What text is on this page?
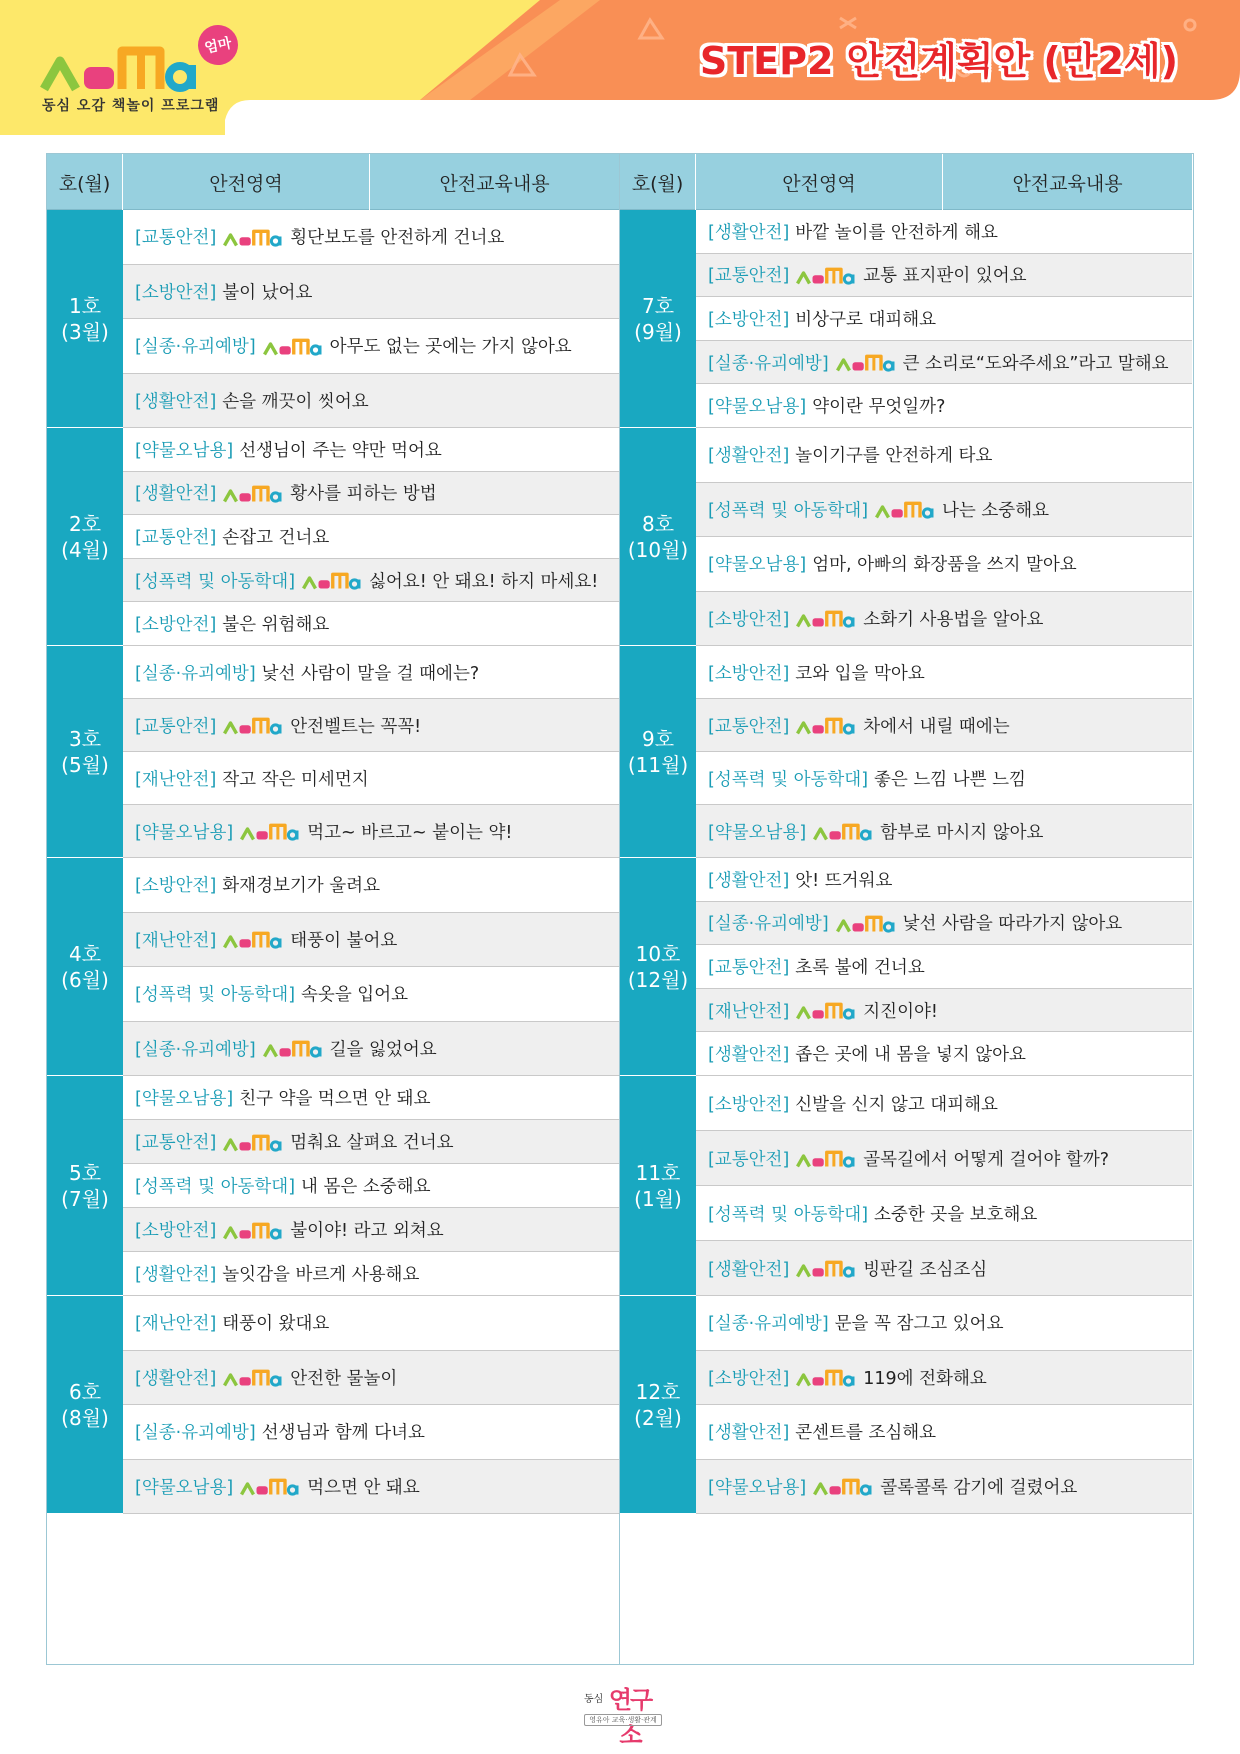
엄마
동심 오감 책놀이 프로그램
STEP2 안전계획안 (만2세)
호(월)	안전영역	안전교육내용
1호
(3월)
[교통안전]	횡단보도를 안전하게 건너요
[소방안전] 불이 났어요
[실종·유괴예방]	아무도 없는 곳에는 가지 않아요
[생활안전] 손을 깨끗이 씻어요
2호
(4월)
[약물오남용] 선생님이 주는 약만 먹어요
[생활안전]	황사를 피하는 방법
[교통안전] 손잡고 건너요
[성폭력 및 아동학대]	싫어요! 안 돼요! 하지 마세요!
[소방안전] 불은 위험해요
3호
(5월)
[실종·유괴예방] 낯선 사람이 말을 걸 때에는?
[교통안전]	안전벨트는 꼭꼭!
[재난안전] 작고 작은 미세먼지
[약물오남용]	먹고~ 바르고~ 붙이는 약!
4호
(6월)
[소방안전] 화재경보기가 울려요
[재난안전]	태풍이 불어요
[성폭력 및 아동학대] 속옷을 입어요
[실종·유괴예방]	길을 잃었어요
5호
(7월)
[약물오남용] 친구 약을 먹으면 안 돼요
[교통안전]	멈춰요 살펴요 건너요
[성폭력 및 아동학대] 내 몸은 소중해요
[소방안전]	불이야! 라고 외쳐요
[생활안전] 놀잇감을 바르게 사용해요
6호
(8월)
[재난안전] 태풍이 왔대요
[생활안전]	안전한 물놀이
[실종·유괴예방] 선생님과 함께 다녀요
[약물오남용]	먹으면 안 돼요
호(월)	안전영역	안전교육내용
7호
(9월)
[생활안전] 바깥 놀이를 안전하게 해요
[교통안전]	교통 표지판이 있어요
[소방안전] 비상구로 대피해요
[실종·유괴예방]	큰 소리로“도와주세요”라고 말해요
[약물오남용] 약이란 무엇일까?
8호
(10월)
[생활안전] 놀이기구를 안전하게 타요
[성폭력 및 아동학대]	나는 소중해요
[약물오남용] 엄마, 아빠의 화장품을 쓰지 말아요
[소방안전]	소화기 사용법을 알아요
9호
(11월)
[소방안전] 코와 입을 막아요
[교통안전]	차에서 내릴 때에는
[성폭력 및 아동학대] 좋은 느낌 나쁜 느낌
[약물오남용]	함부로 마시지 않아요
10호
(12월)
[생활안전] 앗! 뜨거워요
[실종·유괴예방]	낯선 사람을 따라가지 않아요
[교통안전] 초록 불에 건너요
[재난안전]	지진이야!
[생활안전] 좁은 곳에 내 몸을 넣지 않아요
11호
(1월)
[소방안전] 신발을 신지 않고 대피해요
[교통안전]	골목길에서 어떻게 걸어야 할까?
[성폭력 및 아동학대] 소중한 곳을 보호해요
[생활안전]	빙판길 조심조심
12호
(2월)
[실종·유괴예방] 문을 꼭 잠그고 있어요
[소방안전]	119에 전화해요
[생활안전] 콘센트를 조심해요
[약물오남용]	콜록콜록 감기에 걸렸어요
동심 연구소
영유아 교육·생활·관계
